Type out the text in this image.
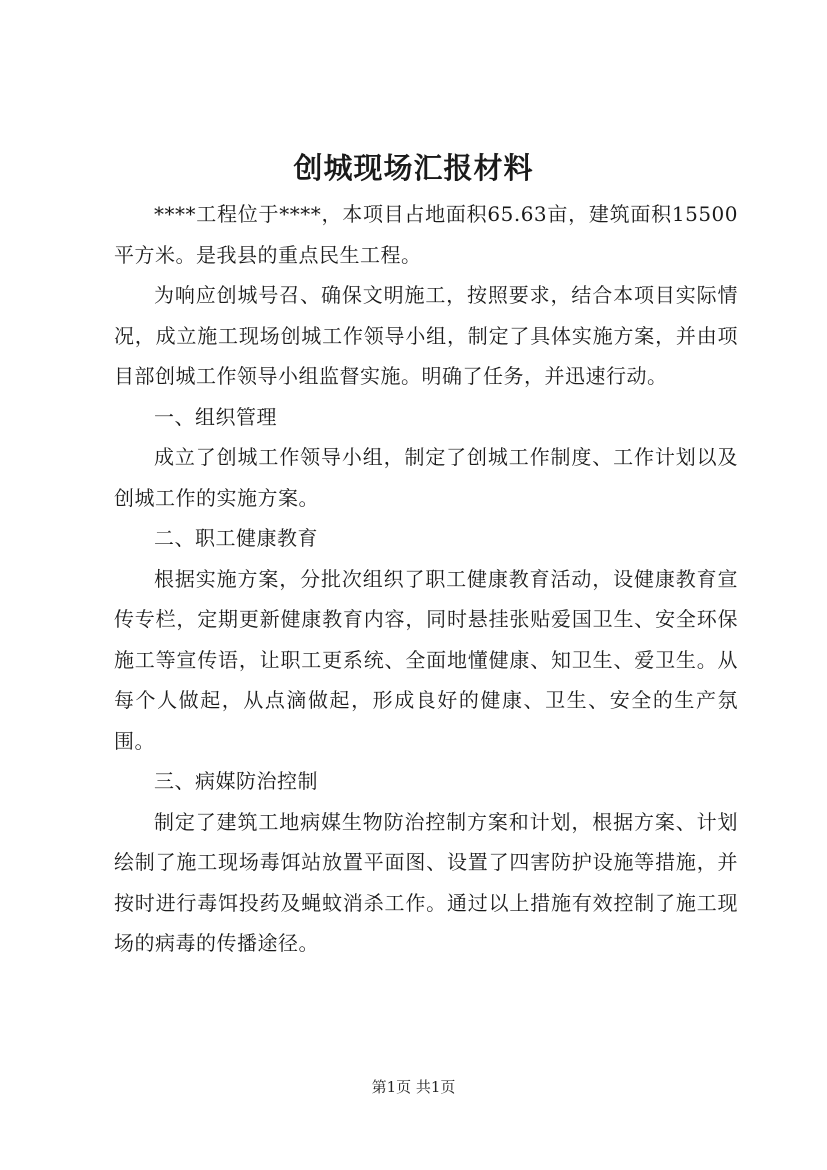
创城现场汇报材料

****工程位于****，本项目占地面积65.63亩，建筑面积15500平方米。是我县的重点民生工程。

为响应创城号召、确保文明施工，按照要求，结合本项目实际情况，成立施工现场创城工作领导小组，制定了具体实施方案，并由项目部创城工作领导小组监督实施。明确了任务，并迅速行动。

一、组织管理

成立了创城工作领导小组，制定了创城工作制度、工作计划以及创城工作的实施方案。

二、职工健康教育

根据实施方案，分批次组织了职工健康教育活动，设健康教育宣传专栏，定期更新健康教育内容，同时悬挂张贴爱国卫生、安全环保施工等宣传语，让职工更系统、全面地懂健康、知卫生、爱卫生。从每个人做起，从点滴做起，形成良好的健康、卫生、安全的生产氛围。

三、病媒防治控制

制定了建筑工地病媒生物防治控制方案和计划，根据方案、计划绘制了施工现场毒饵站放置平面图、设置了四害防护设施等措施，并按时进行毒饵投药及蝇蚊消杀工作。通过以上措施有效控制了施工现场的病毒的传播途径。

第1页 共1页
